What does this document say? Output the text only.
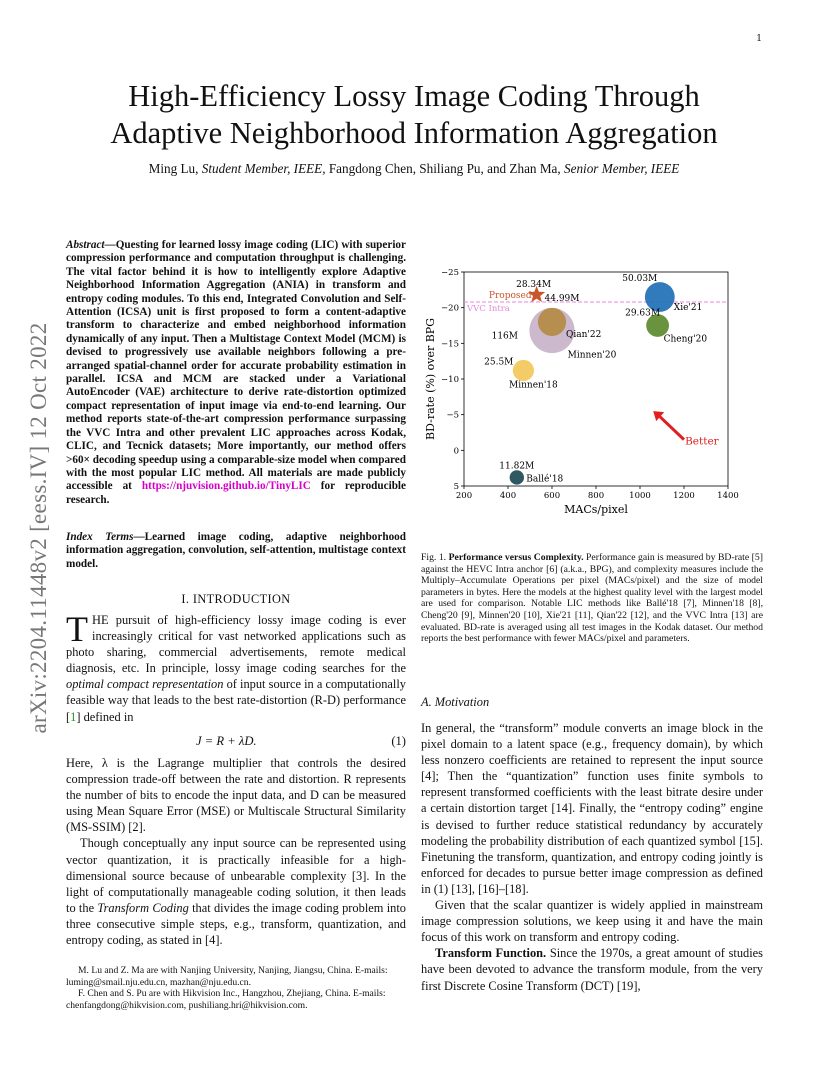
1
arXiv:2204.11448v2 [eess.IV] 12 Oct 2022
High-Efficiency Lossy Image Coding Through
Adaptive Neighborhood Information Aggregation
Ming Lu, Student Member, IEEE, Fangdong Chen, Shiliang Pu, and Zhan Ma, Senior Member, IEEE
Abstract—Questing for learned lossy image coding (LIC) with superior compression performance and computation throughput is challenging. The vital factor behind it is how to intelligently explore Adaptive Neighborhood Information Aggregation (ANIA) in transform and entropy coding modules. To this end, Integrated Convolution and Self-Attention (ICSA) unit is first proposed to form a content-adaptive transform to characterize and embed neighborhood information dynamically of any input. Then a Multistage Context Model (MCM) is devised to progressively use available neighbors following a pre-arranged spatial-channel order for accurate probability estimation in parallel. ICSA and MCM are stacked under a Variational AutoEncoder (VAE) architecture to derive rate-distortion optimized compact representation of input image via end-to-end learning. Our method reports state-of-the-art compression performance surpassing the VVC Intra and other prevalent LIC approaches across Kodak, CLIC, and Tecnick datasets; More importantly, our method offers >60× decoding speedup using a comparable-size model when compared with the most popular LIC method. All materials are made publicly accessible at https://njuvision.github.io/TinyLIC for reproducible research.
Index Terms—Learned image coding, adaptive neighborhood information aggregation, convolution, self-attention, multistage context model.
I. INTRODUCTION
THE pursuit of high-efficiency lossy image coding is ever increasingly critical for vast networked applications such as photo sharing, commercial advertisements, remote medical diagnosis, etc. In principle, lossy image coding searches for the optimal compact representation of input source in a computationally feasible way that leads to the best rate-distortion (R-D) performance [1] defined in
J = R + λD.	(1)

Here, λ is the Lagrange multiplier that controls the desired compression trade-off between the rate and distortion. R represents the number of bits to encode the input data, and D can be measured using Mean Square Error (MSE) or Multiscale Structural Similarity (MS-SSIM) [2].

Though conceptually any input source can be represented using vector quantization, it is practically infeasible for a high-dimensional source because of unbearable complexity [3]. In the light of computationally manageable coding solution, it then leads to the Transform Coding that divides the image coding problem into three consecutive simple steps, e.g., transform, quantization, and entropy coding, as stated in [4].

M. Lu and Z. Ma are with Nanjing University, Nanjing, Jiangsu, China. E-mails: luming@smail.nju.edu.cn, mazhan@nju.edu.cn.
F. Chen and S. Pu are with Hikvision Inc., Hangzhou, Zhejiang, China. E-mails: chenfangdong@hikvision.com, pushiliang.hri@hikvision.com.
200	400	600	800	1000	1200	1400
−25
−20
−15
−10
−5
0
5
MACs/pixel
BD-rate (%) over BPG
VVC Intra
Proposed
28.34M
Xie'21
50.03M
Cheng'20
29.63M
Qian'22
44.99M
Minnen'20
116M
Minnen'18
25.5M
Ballé'18
11.82M
Better
Fig. 1. Performance versus Complexity. Performance gain is measured by BD-rate [5] against the HEVC Intra anchor [6] (a.k.a., BPG), and complexity measures include the Multiply–Accumulate Operations per pixel (MACs/pixel) and the size of model parameters in bytes. Here the models at the highest quality level with the largest model are used for comparison. Notable LIC methods like Ballé'18 [7], Minnen'18 [8], Cheng'20 [9], Minnen'20 [10], Xie'21 [11], Qian'22 [12], and the VVC Intra [13] are evaluated. BD-rate is averaged using all test images in the Kodak dataset. Our method reports the best performance with fewer MACs/pixel and parameters.
A. Motivation

In general, the “transform” module converts an image block in the pixel domain to a latent space (e.g., frequency domain), by which less nonzero coefficients are retained to represent the input source [4]; Then the “quantization” function uses finite symbols to represent transformed coefficients with the least bitrate desire under a certain distortion target [14]. Finally, the “entropy coding” engine is devised to further reduce statistical redundancy by accurately modeling the probability distribution of each quantized symbol [15]. Finetuning the transform, quantization, and entropy coding jointly is enforced for decades to pursue better image compression as defined in (1) [13], [16]–[18].

Given that the scalar quantizer is widely applied in mainstream image compression solutions, we keep using it and have the main focus of this work on transform and entropy coding.

Transform Function. Since the 1970s, a great amount of studies have been devoted to advance the transform module, from the very first Discrete Cosine Transform (DCT) [19],
